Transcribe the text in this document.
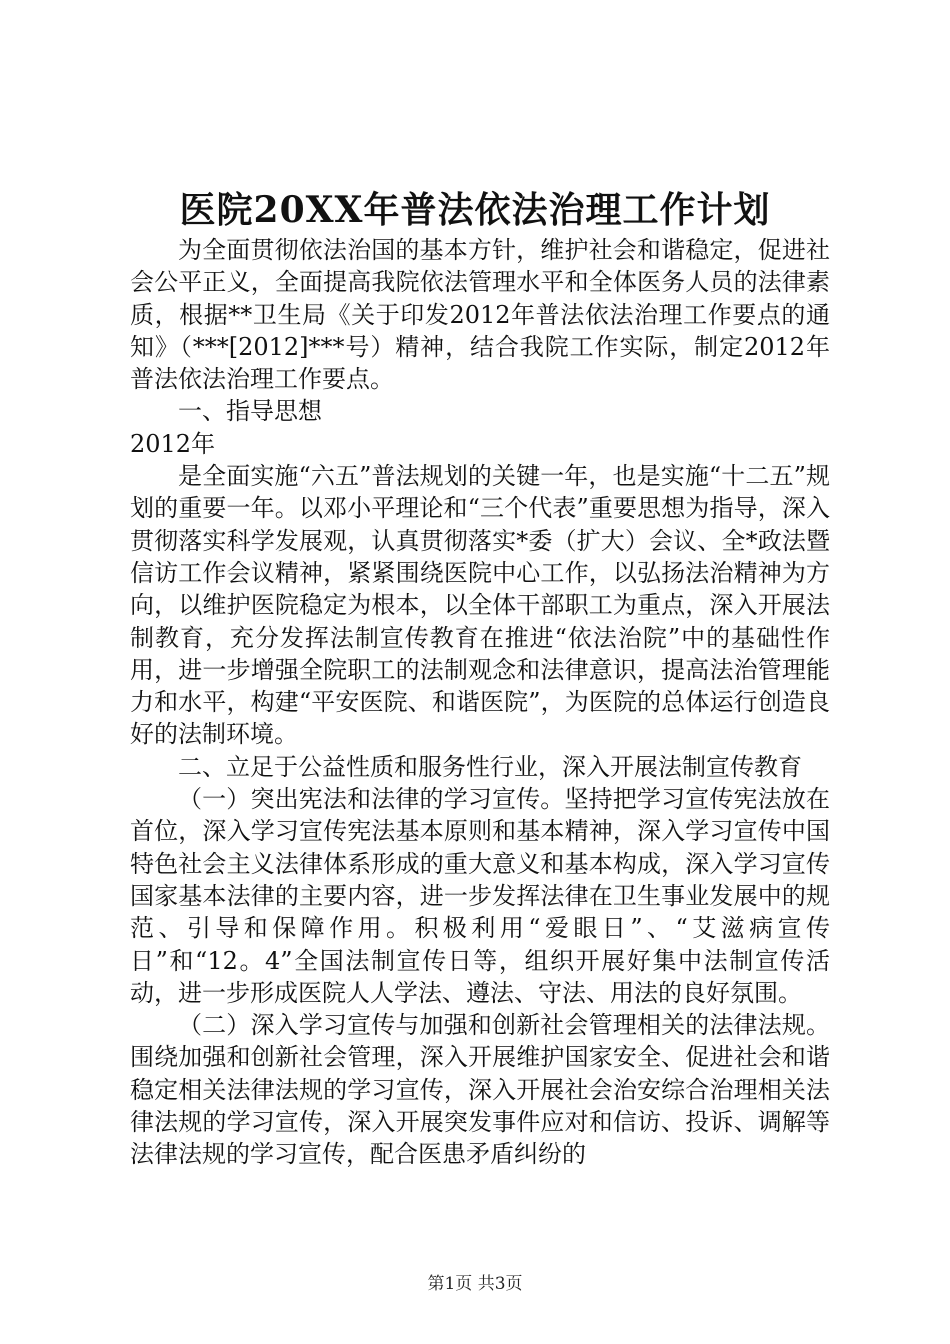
医院20XX年普法依法治理工作计划

为全面贯彻依法治国的基本方针，维护社会和谐稳定，促进社会公平正义，全面提高我院依法管理水平和全体医务人员的法律素质，根据**卫生局《关于印发2012年普法依法治理工作要点的通知》（***[2012]***号）精神，结合我院工作实际，制定2012年普法依法治理工作要点。

一、指导思想

2012年

是全面实施“六五”普法规划的关键一年，也是实施“十二五”规划的重要一年。以邓小平理论和“三个代表”重要思想为指导，深入贯彻落实科学发展观，认真贯彻落实*委（扩大）会议、全*政法暨信访工作会议精神，紧紧围绕医院中心工作，以弘扬法治精神为方向，以维护医院稳定为根本，以全体干部职工为重点，深入开展法制教育，充分发挥法制宣传教育在推进“依法治院”中的基础性作用，进一步增强全院职工的法制观念和法律意识，提高法治管理能力和水平，构建“平安医院、和谐医院”，为医院的总体运行创造良好的法制环境。

二、立足于公益性质和服务性行业，深入开展法制宣传教育

（一）突出宪法和法律的学习宣传。坚持把学习宣传宪法放在首位，深入学习宣传宪法基本原则和基本精神，深入学习宣传中国特色社会主义法律体系形成的重大意义和基本构成，深入学习宣传国家基本法律的主要内容，进一步发挥法律在卫生事业发展中的规范、引导和保障作用。积极利用“爱眼日”、“艾滋病宣传日”和“12。4”全国法制宣传日等，组织开展好集中法制宣传活动，进一步形成医院人人学法、遵法、守法、用法的良好氛围。

（二）深入学习宣传与加强和创新社会管理相关的法律法规。围绕加强和创新社会管理，深入开展维护国家安全、促进社会和谐稳定相关法律法规的学习宣传，深入开展社会治安综合治理相关法律法规的学习宣传，深入开展突发事件应对和信访、投诉、调解等法律法规的学习宣传，配合医患矛盾纠纷的

第1页 共3页
